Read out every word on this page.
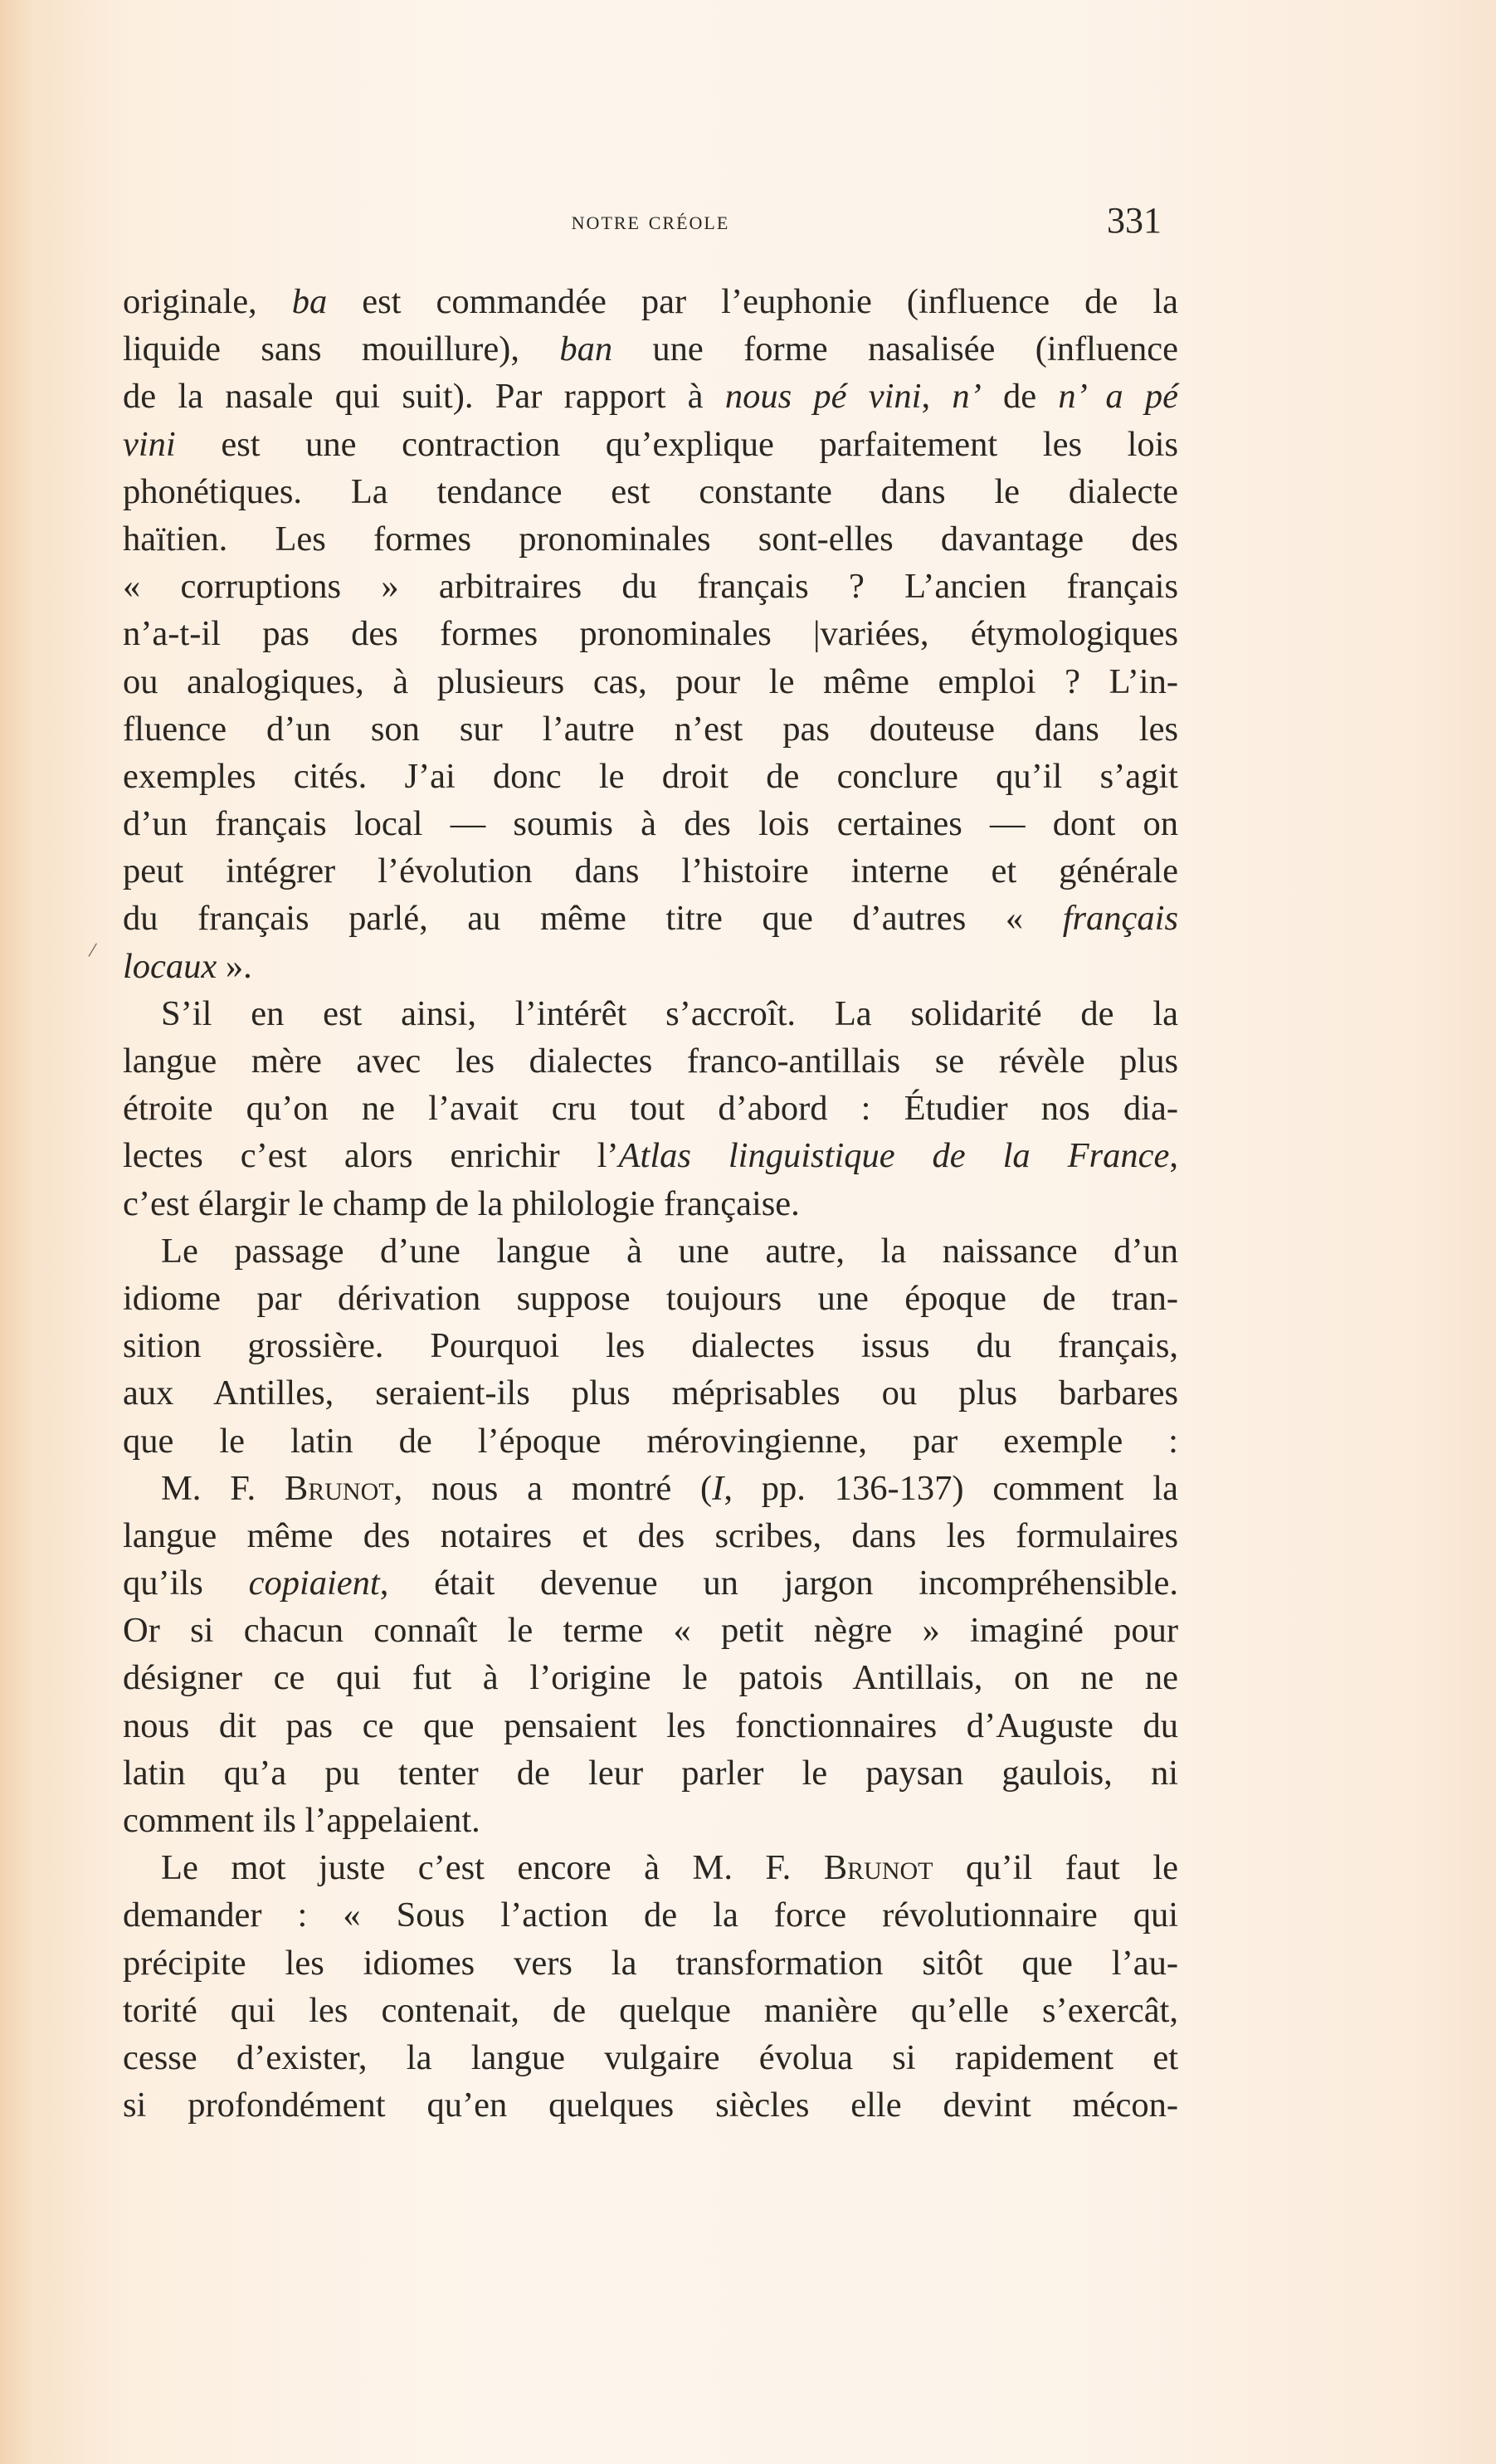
notre créole	331
/
originale, ba est commandée par l’euphonie (influence de la
liquide sans mouillure), ban une forme nasalisée (influence
de la nasale qui suit). Par rapport à nous pé vini, n’ de n’ a pé
vini est une contraction qu’explique parfaitement les lois
phonétiques. La tendance est constante dans le dialecte
haïtien. Les formes pronominales sont-elles davantage des
« corruptions » arbitraires du français ? L’ancien français
n’a-t-il pas des formes pronominales |variées, étymologiques
ou analogiques, à plusieurs cas, pour le même emploi ? L’in-
fluence d’un son sur l’autre n’est pas douteuse dans les
exemples cités. J’ai donc le droit de conclure qu’il s’agit
d’un français local — soumis à des lois certaines — dont on
peut intégrer l’évolution dans l’histoire interne et générale
du français parlé, au même titre que d’autres « français
locaux ».
S’il en est ainsi, l’intérêt s’accroît. La solidarité de la
langue mère avec les dialectes franco-antillais se révèle plus
étroite qu’on ne l’avait cru tout d’abord : Étudier nos dia-
lectes c’est alors enrichir l’Atlas linguistique de la France,
c’est élargir le champ de la philologie française.
Le passage d’une langue à une autre, la naissance d’un
idiome par dérivation suppose toujours une époque de tran-
sition grossière. Pourquoi les dialectes issus du français,
aux Antilles, seraient-ils plus méprisables ou plus barbares
que le latin de l’époque mérovingienne, par exemple :
M. F. Brunot, nous a montré (I, pp. 136-137) comment la
langue même des notaires et des scribes, dans les formulaires
qu’ils copiaient, était devenue un jargon incompréhensible.
Or si chacun connaît le terme « petit nègre » imaginé pour
désigner ce qui fut à l’origine le patois Antillais, on ne ne
nous dit pas ce que pensaient les fonctionnaires d’Auguste du
latin qu’a pu tenter de leur parler le paysan gaulois, ni
comment ils l’appelaient.
Le mot juste c’est encore à M. F. Brunot qu’il faut le
demander : « Sous l’action de la force révolutionnaire qui
précipite les idiomes vers la transformation sitôt que l’au-
torité qui les contenait, de quelque manière qu’elle s’exercât,
cesse d’exister, la langue vulgaire évolua si rapidement et
si profondément qu’en quelques siècles elle devint mécon-
